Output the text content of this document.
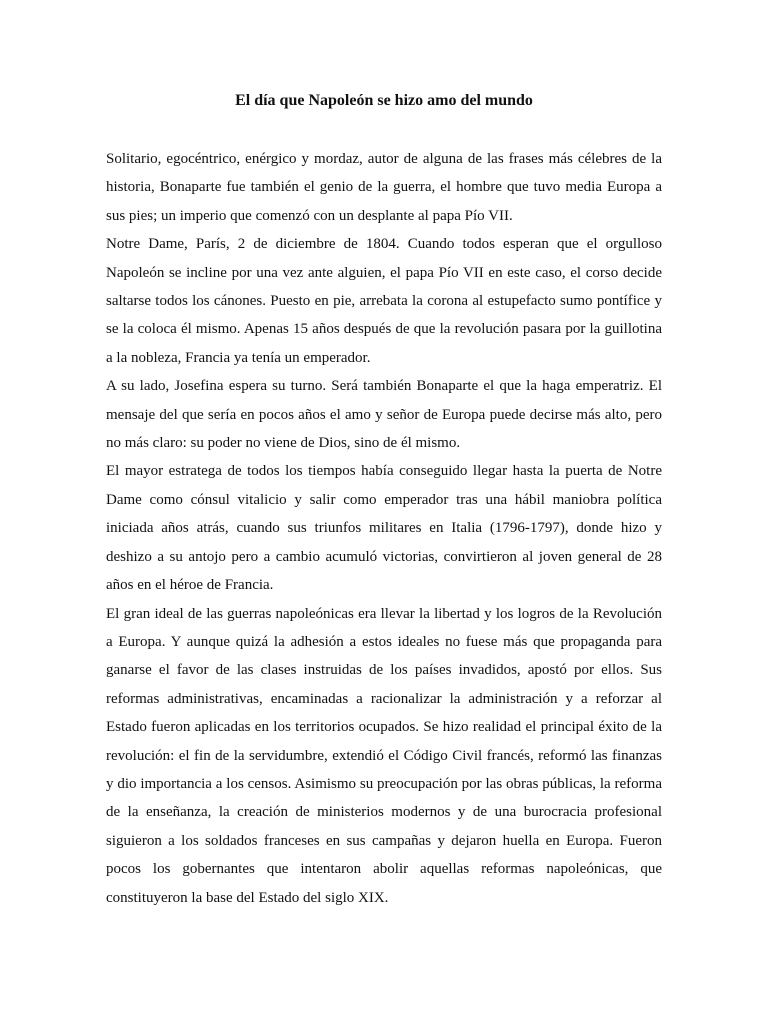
El día que Napoleón se hizo amo del mundo

Solitario, egocéntrico, enérgico y mordaz, autor de alguna de las frases más célebres de la historia, Bonaparte fue también el genio de la guerra, el hombre que tuvo media Europa a sus pies; un imperio que comenzó con un desplante al papa Pío VII.

Notre Dame, París, 2 de diciembre de 1804. Cuando todos esperan que el orgulloso Napoleón se incline por una vez ante alguien, el papa Pío VII en este caso, el corso decide saltarse todos los cánones. Puesto en pie, arrebata la corona al estupefacto sumo pontífice y se la coloca él mismo. Apenas 15 años después de que la revolución pasara por la guillotina a la nobleza, Francia ya tenía un emperador.

A su lado, Josefina espera su turno. Será también Bonaparte el que la haga emperatriz. El mensaje del que sería en pocos años el amo y señor de Europa puede decirse más alto, pero no más claro: su poder no viene de Dios, sino de él mismo.

El mayor estratega de todos los tiempos había conseguido llegar hasta la puerta de Notre Dame como cónsul vitalicio y salir como emperador tras una hábil maniobra política iniciada años atrás, cuando sus triunfos militares en Italia (1796-1797), donde hizo y deshizo a su antojo pero a cambio acumuló victorias, convirtieron al joven general de 28 años en el héroe de Francia.

El gran ideal de las guerras napoleónicas era llevar la libertad y los logros de la Revolución a Europa. Y aunque quizá la adhesión a estos ideales no fuese más que propaganda para ganarse el favor de las clases instruidas de los países invadidos, apostó por ellos. Sus reformas administrativas, encaminadas a racionalizar la administración y a reforzar al Estado fueron aplicadas en los territorios ocupados. Se hizo realidad el principal éxito de la revolución: el fin de la servidumbre, extendió el Código Civil francés, reformó las finanzas y dio importancia a los censos. Asimismo su preocupación por las obras públicas, la reforma de la enseñanza, la creación de ministerios modernos y de una burocracia profesional siguieron a los soldados franceses en sus campañas y dejaron huella en Europa. Fueron pocos los gobernantes que intentaron abolir aquellas reformas napoleónicas, que constituyeron la base del Estado del siglo XIX.
